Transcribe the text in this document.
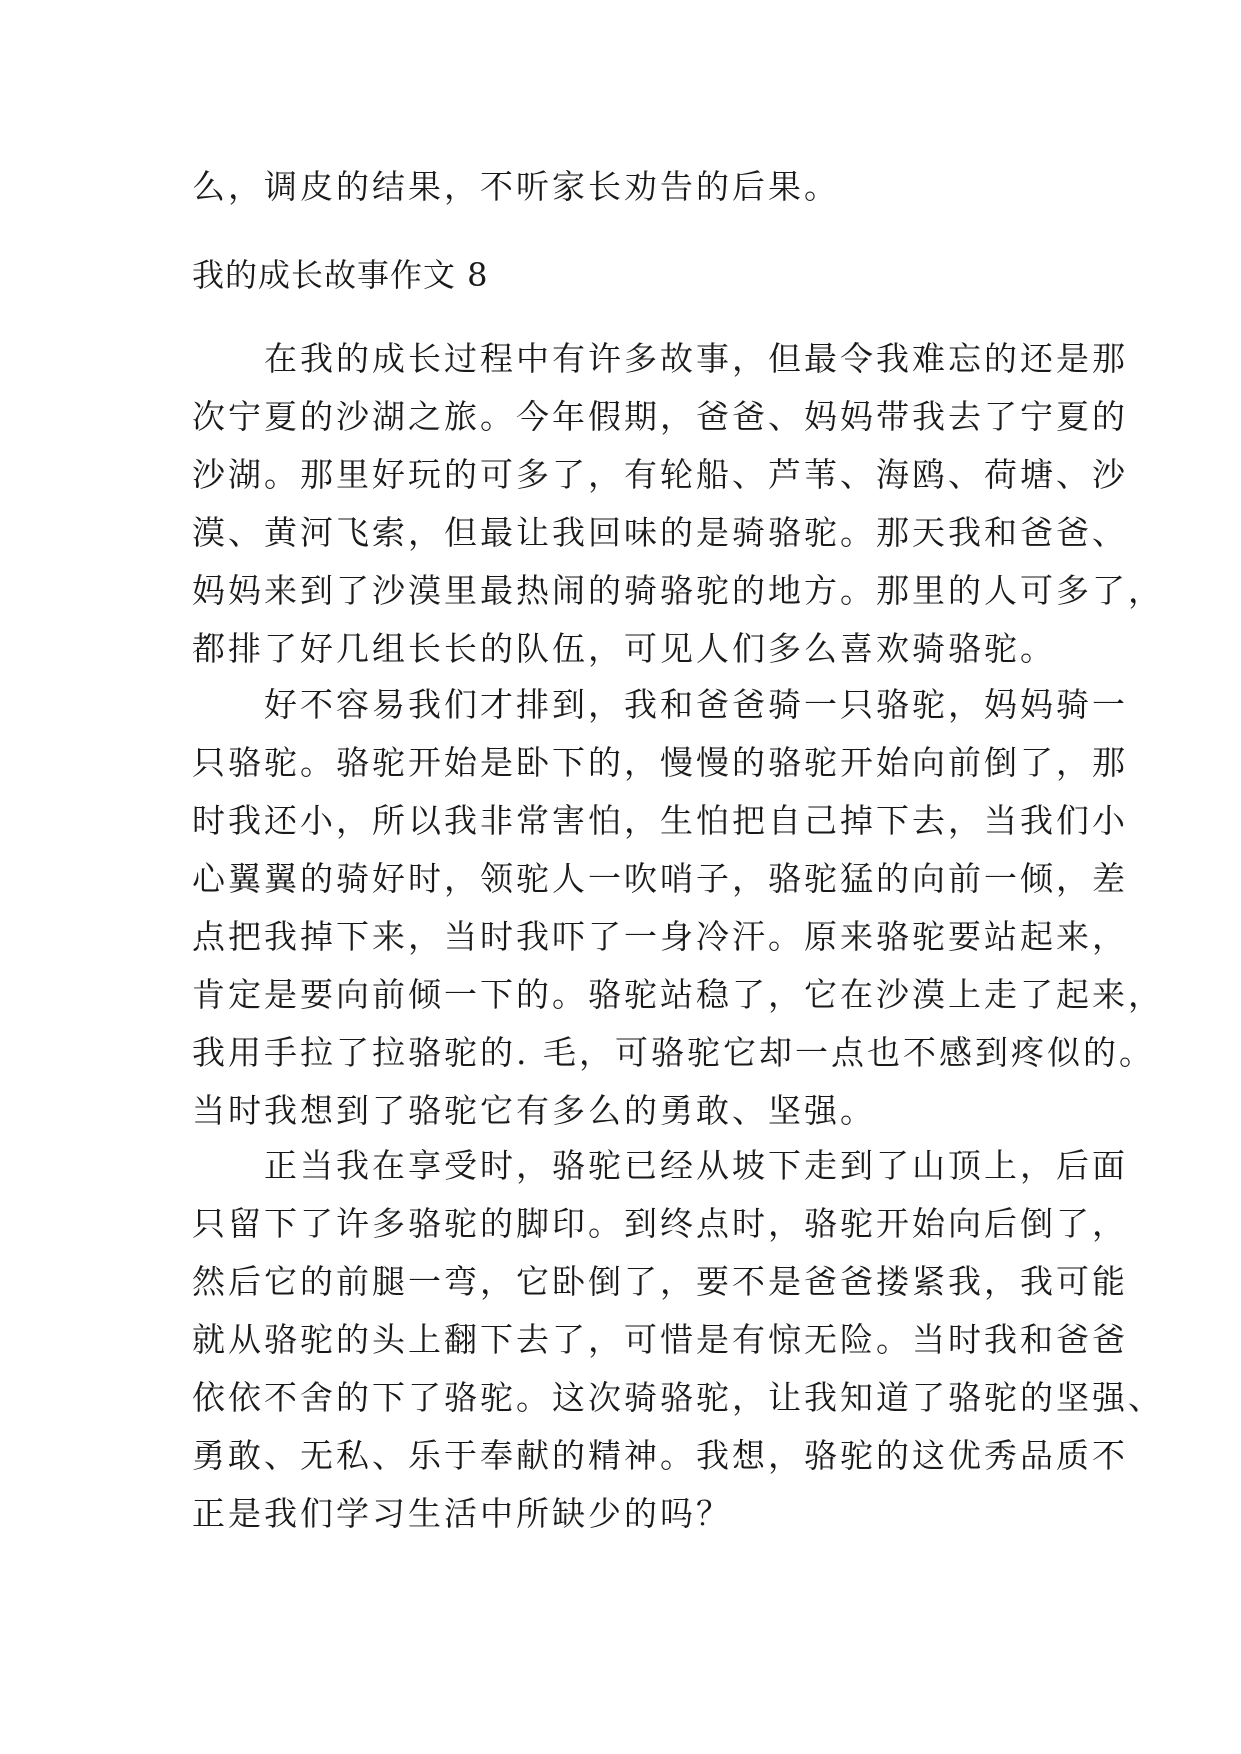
么，调皮的结果，不听家长劝告的后果。
我的成长故事作文 8
　　在我的成长过程中有许多故事，但最令我难忘的还是那
次宁夏的沙湖之旅。今年假期，爸爸、妈妈带我去了宁夏的
沙湖。那里好玩的可多了，有轮船、芦苇、海鸥、荷塘、沙
漠、黄河飞索，但最让我回味的是骑骆驼。那天我和爸爸、
妈妈来到了沙漠里最热闹的骑骆驼的地方。那里的人可多了，
都排了好几组长长的队伍，可见人们多么喜欢骑骆驼。
　　好不容易我们才排到，我和爸爸骑一只骆驼，妈妈骑一
只骆驼。骆驼开始是卧下的，慢慢的骆驼开始向前倒了，那
时我还小，所以我非常害怕，生怕把自己掉下去，当我们小
心翼翼的骑好时，领驼人一吹哨子，骆驼猛的向前一倾，差
点把我掉下来，当时我吓了一身冷汗。原来骆驼要站起来，
肯定是要向前倾一下的。骆驼站稳了，它在沙漠上走了起来，
我用手拉了拉骆驼的. 毛，可骆驼它却一点也不感到疼似的。
当时我想到了骆驼它有多么的勇敢、坚强。
　　正当我在享受时，骆驼已经从坡下走到了山顶上，后面
只留下了许多骆驼的脚印。到终点时，骆驼开始向后倒了，
然后它的前腿一弯，它卧倒了，要不是爸爸搂紧我，我可能
就从骆驼的头上翻下去了，可惜是有惊无险。当时我和爸爸
依依不舍的下了骆驼。这次骑骆驼，让我知道了骆驼的坚强、
勇敢、无私、乐于奉献的精神。我想，骆驼的这优秀品质不
正是我们学习生活中所缺少的吗？
